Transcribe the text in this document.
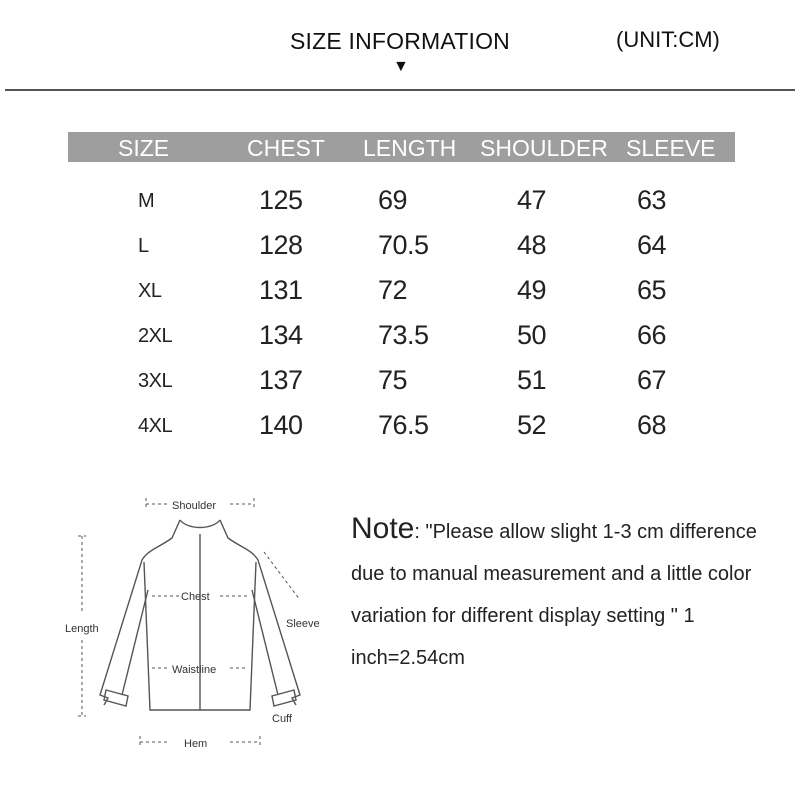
SIZE INFORMATION
▼
(UNIT:CM)
SIZE	CHEST LENGTH SHOULDER SLEEVE
M	125	69	47	63
L	128	70.5	48	64
XL	131	72	49	65
2XL	134	73.5	50	66
3XL	137	75	51	67
4XL	140	76.5	52	68
Shoulder
Chest
Length	Sleeve
Waistline
Cuff
Hem
Note: "Please allow slight 1-3 cm difference due to manual measurement and a little color variation for different display setting " 1 inch=2.54cm
